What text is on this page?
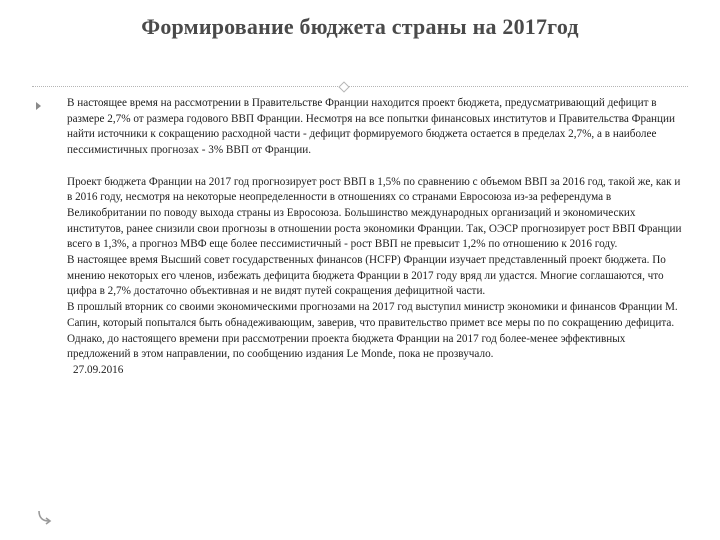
Формирование бюджета страны на 2017год

В настоящее время на рассмотрении в Правительстве Франции находится проект бюджета, предусматривающий дефицит в размере 2,7% от размера годового ВВП Франции. Несмотря на все попытки финансовых институтов и Правительства Франции найти источники к сокращению расходной части - дефицит формируемого бюджета остается в пределах 2,7%, а в наиболее пессимистичных прогнозах - 3% ВВП от Франции.

Проект бюджета Франции на 2017 год прогнозирует рост ВВП в 1,5% по сравнению с объемом ВВП за 2016 год, такой же, как и в 2016 году, несмотря на некоторые неопределенности в отношениях со странами Евросоюза из-за референдума в Великобритании по поводу выхода страны из Евросоюза. Большинство международных организаций и экономических институтов, ранее снизили свои прогнозы в отношении роста экономики Франции. Так, ОЭСР прогнозирует рост ВВП Франции всего в 1,3%, а прогноз МВФ еще более пессимистичный - рост ВВП не превысит 1,2% по отношению к 2016 году.

В настоящее время Высший совет государственных финансов (HCFP) Франции изучает представленный проект бюджета. По мнению некоторых его членов, избежать дефицита бюджета Франции в 2017 году вряд ли удастся. Многие соглашаются, что цифра в 2,7% достаточно объективная и не видят путей сокращения дефицитной части.

В прошлый вторник со своими экономическими прогнозами на 2017 год выступил министр экономики и финансов Франции М. Сапин, который попытался быть обнадеживающим, заверив, что правительство примет все меры по по сокращению дефицита. Однако, до настоящего времени при рассмотрении проекта бюджета Франции на 2017 год более-менее эффективных предложений в этом направлении, по сообщению издания Le Monde, пока не прозвучало.

27.09.2016
